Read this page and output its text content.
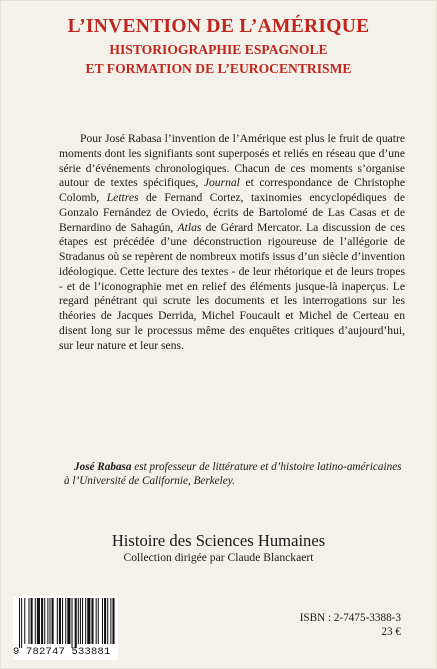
L’INVENTION DE L’AMÉRIQUE
HISTORIOGRAPHIE ESPAGNOLE
ET FORMATION DE L’EUROCENTRISME

Pour José Rabasa l’invention de l’Amérique est plus le fruit de quatre moments dont les signifiants sont superposés et reliés en réseau que d’une série d’événements chronologiques. Chacun de ces moments s’organise autour de textes spécifiques, Journal et correspondance de Christophe Colomb, Lettres de Fernand Cortez, taxinomies encyclopédiques de Gonzalo Fernández de Oviedo, écrits de Bartolomé de Las Casas et de Bernardino de Sahagún, Atlas de Gérard Mercator. La discussion de ces étapes est précédée d’une déconstruction rigoureuse de l’allégorie de Stradanus où se repèrent de nombreux motifs issus d’un siècle d’invention idéologique. Cette lecture des textes - de leur rhétorique et de leurs tropes - et de l’iconographie met en relief des éléments jusque-là inaperçus. Le regard pénétrant qui scrute les documents et les interrogations sur les théories de Jacques Derrida, Michel Foucault et Michel de Certeau en disent long sur le processus même des enquêtes critiques d’aujourd’hui, sur leur nature et leur sens.

José Rabasa est professeur de littérature et d’histoire latino-américaines à l’Université de Californie, Berkeley.

Histoire des Sciences Humaines
Collection dirigée par Claude Blanckaert
9 782747 533881
ISBN : 2-7475-3388-3
23 €
